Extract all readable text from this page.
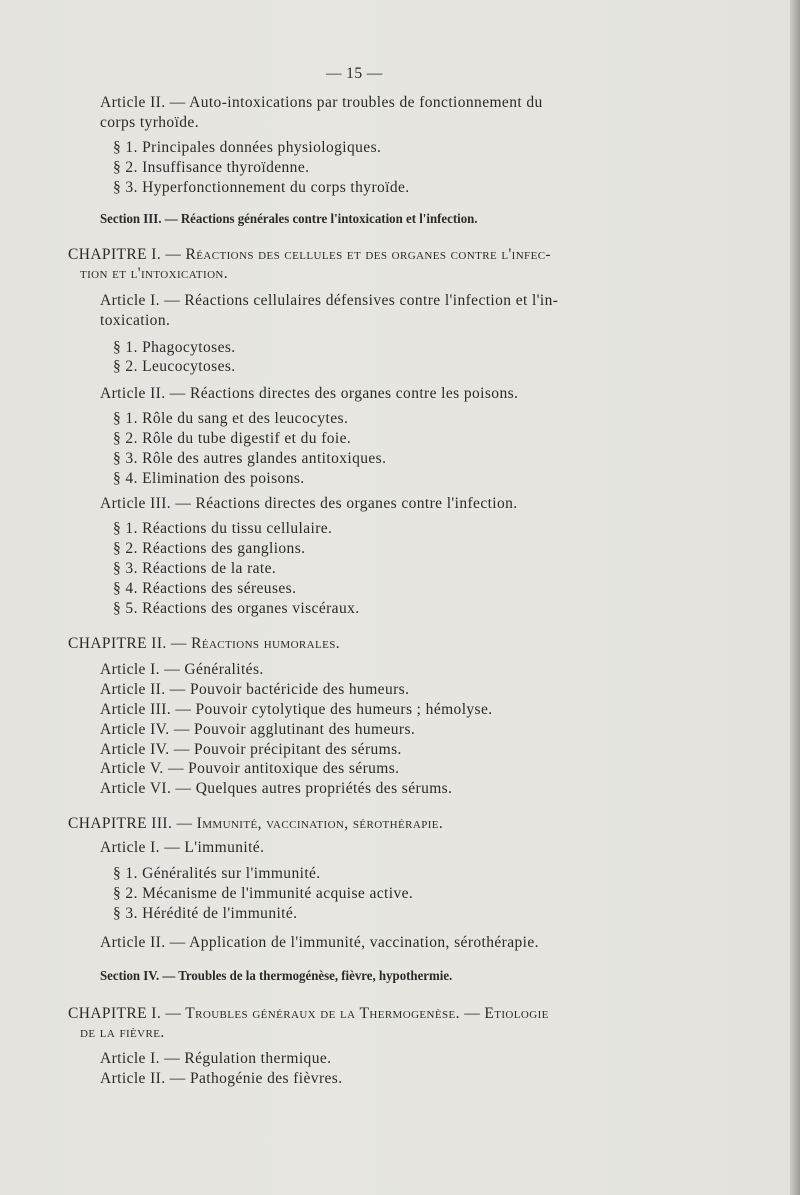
— 15 —
Article II. — Auto-intoxications par troubles de fonctionnement du
corps tyrhoïde.
§ 1. Principales données physiologiques.
§ 2. Insuffisance thyroïdenne.
§ 3. Hyperfonctionnement du corps thyroïde.
Section III. — Réactions générales contre l'intoxication et l'infection.
CHAPITRE I. — Réactions des cellules et des organes contre l'infec-
tion et l'intoxication.
Article I. — Réactions cellulaires défensives contre l'infection et l'in-
toxication.
§ 1. Phagocytoses.
§ 2. Leucocytoses.
Article II. — Réactions directes des organes contre les poisons.
§ 1. Rôle du sang et des leucocytes.
§ 2. Rôle du tube digestif et du foie.
§ 3. Rôle des autres glandes antitoxiques.
§ 4. Elimination des poisons.
Article III. — Réactions directes des organes contre l'infection.
§ 1. Réactions du tissu cellulaire.
§ 2. Réactions des ganglions.
§ 3. Réactions de la rate.
§ 4. Réactions des séreuses.
§ 5. Réactions des organes viscéraux.
CHAPITRE II. — Réactions humorales.
Article I. — Généralités.
Article II. — Pouvoir bactéricide des humeurs.
Article III. — Pouvoir cytolytique des humeurs ; hémolyse.
Article IV. — Pouvoir agglutinant des humeurs.
Article IV. — Pouvoir précipitant des sérums.
Article V. — Pouvoir antitoxique des sérums.
Article VI. — Quelques autres propriétés des sérums.
CHAPITRE III. — Immunité, vaccination, sérothérapie.
Article I. — L'immunité.
§ 1. Généralités sur l'immunité.
§ 2. Mécanisme de l'immunité acquise active.
§ 3. Hérédité de l'immunité.
Article II. — Application de l'immunité, vaccination, sérothérapie.
Section IV. — Troubles de la thermogénèse, fièvre, hypothermie.
CHAPITRE I. — Troubles généraux de la Thermogenèse. — Etiologie
de la fièvre.
Article I. — Régulation thermique.
Article II. — Pathogénie des fièvres.
